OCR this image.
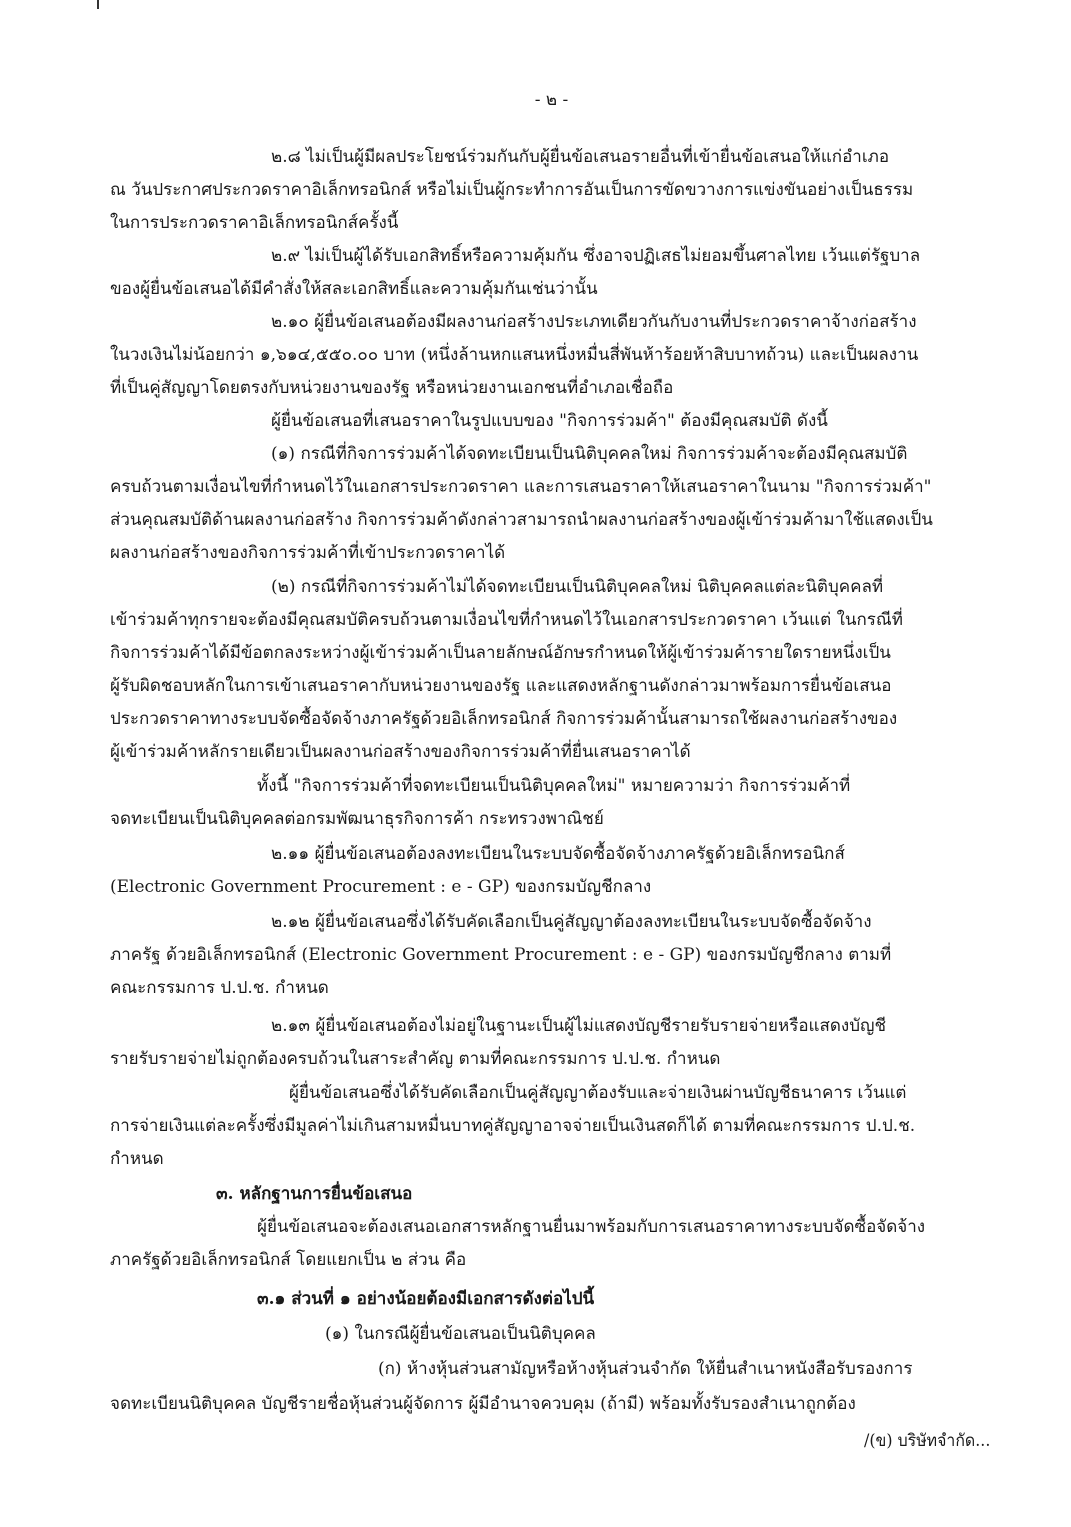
- ๒ -
๒.๘ ไม่เป็นผู้มีผลประโยชน์ร่วมกันกับผู้ยื่นข้อเสนอรายอื่นที่เข้ายื่นข้อเสนอให้แก่อำเภอ
ณ วันประกาศประกวดราคาอิเล็กทรอนิกส์ หรือไม่เป็นผู้กระทำการอันเป็นการขัดขวางการแข่งขันอย่างเป็นธรรม
ในการประกวดราคาอิเล็กทรอนิกส์ครั้งนี้
๒.๙ ไม่เป็นผู้ได้รับเอกสิทธิ์หรือความคุ้มกัน ซึ่งอาจปฏิเสธไม่ยอมขึ้นศาลไทย เว้นแต่รัฐบาล
ของผู้ยื่นข้อเสนอได้มีคำสั่งให้สละเอกสิทธิ์และความคุ้มกันเช่นว่านั้น
๒.๑๐ ผู้ยื่นข้อเสนอต้องมีผลงานก่อสร้างประเภทเดียวกันกับงานที่ประกวดราคาจ้างก่อสร้าง
ในวงเงินไม่น้อยกว่า ๑,๖๑๔,๕๕๐.๐๐ บาท (หนึ่งล้านหกแสนหนึ่งหมื่นสี่พันห้าร้อยห้าสิบบาทถ้วน) และเป็นผลงาน
ที่เป็นคู่สัญญาโดยตรงกับหน่วยงานของรัฐ หรือหน่วยงานเอกชนที่อำเภอเชื่อถือ
ผู้ยื่นข้อเสนอที่เสนอราคาในรูปแบบของ "กิจการร่วมค้า" ต้องมีคุณสมบัติ ดังนี้
(๑) กรณีที่กิจการร่วมค้าได้จดทะเบียนเป็นนิติบุคคลใหม่ กิจการร่วมค้าจะต้องมีคุณสมบัติ
ครบถ้วนตามเงื่อนไขที่กำหนดไว้ในเอกสารประกวดราคา และการเสนอราคาให้เสนอราคาในนาม "กิจการร่วมค้า"
ส่วนคุณสมบัติด้านผลงานก่อสร้าง กิจการร่วมค้าดังกล่าวสามารถนำผลงานก่อสร้างของผู้เข้าร่วมค้ามาใช้แสดงเป็น
ผลงานก่อสร้างของกิจการร่วมค้าที่เข้าประกวดราคาได้
(๒) กรณีที่กิจการร่วมค้าไม่ได้จดทะเบียนเป็นนิติบุคคลใหม่ นิติบุคคลแต่ละนิติบุคคลที่
เข้าร่วมค้าทุกรายจะต้องมีคุณสมบัติครบถ้วนตามเงื่อนไขที่กำหนดไว้ในเอกสารประกวดราคา เว้นแต่ ในกรณีที่
กิจการร่วมค้าได้มีข้อตกลงระหว่างผู้เข้าร่วมค้าเป็นลายลักษณ์อักษรกำหนดให้ผู้เข้าร่วมค้ารายใดรายหนึ่งเป็น
ผู้รับผิดชอบหลักในการเข้าเสนอราคากับหน่วยงานของรัฐ และแสดงหลักฐานดังกล่าวมาพร้อมการยื่นข้อเสนอ
ประกวดราคาทางระบบจัดซื้อจัดจ้างภาครัฐด้วยอิเล็กทรอนิกส์ กิจการร่วมค้านั้นสามารถใช้ผลงานก่อสร้างของ
ผู้เข้าร่วมค้าหลักรายเดียวเป็นผลงานก่อสร้างของกิจการร่วมค้าที่ยื่นเสนอราคาได้
ทั้งนี้ "กิจการร่วมค้าที่จดทะเบียนเป็นนิติบุคคลใหม่" หมายความว่า กิจการร่วมค้าที่
จดทะเบียนเป็นนิติบุคคลต่อกรมพัฒนาธุรกิจการค้า กระทรวงพาณิชย์
๒.๑๑ ผู้ยื่นข้อเสนอต้องลงทะเบียนในระบบจัดซื้อจัดจ้างภาครัฐด้วยอิเล็กทรอนิกส์
(Electronic Government Procurement : e - GP) ของกรมบัญชีกลาง
๒.๑๒ ผู้ยื่นข้อเสนอซึ่งได้รับคัดเลือกเป็นคู่สัญญาต้องลงทะเบียนในระบบจัดซื้อจัดจ้าง
ภาครัฐ ด้วยอิเล็กทรอนิกส์ (Electronic Government Procurement : e - GP) ของกรมบัญชีกลาง ตามที่
คณะกรรมการ ป.ป.ช. กำหนด
๒.๑๓ ผู้ยื่นข้อเสนอต้องไม่อยู่ในฐานะเป็นผู้ไม่แสดงบัญชีรายรับรายจ่ายหรือแสดงบัญชี
รายรับรายจ่ายไม่ถูกต้องครบถ้วนในสาระสำคัญ ตามที่คณะกรรมการ ป.ป.ช. กำหนด
ผู้ยื่นข้อเสนอซึ่งได้รับคัดเลือกเป็นคู่สัญญาต้องรับและจ่ายเงินผ่านบัญชีธนาคาร เว้นแต่
การจ่ายเงินแต่ละครั้งซึ่งมีมูลค่าไม่เกินสามหมื่นบาทคู่สัญญาอาจจ่ายเป็นเงินสดก็ได้ ตามที่คณะกรรมการ ป.ป.ช.
กำหนด
๓. หลักฐานการยื่นข้อเสนอ
ผู้ยื่นข้อเสนอจะต้องเสนอเอกสารหลักฐานยื่นมาพร้อมกับการเสนอราคาทางระบบจัดซื้อจัดจ้าง
ภาครัฐด้วยอิเล็กทรอนิกส์ โดยแยกเป็น ๒ ส่วน คือ
๓.๑ ส่วนที่ ๑ อย่างน้อยต้องมีเอกสารดังต่อไปนี้
(๑) ในกรณีผู้ยื่นข้อเสนอเป็นนิติบุคคล
(ก) ห้างหุ้นส่วนสามัญหรือห้างหุ้นส่วนจำกัด ให้ยื่นสำเนาหนังสือรับรองการ
จดทะเบียนนิติบุคคล บัญชีรายชื่อหุ้นส่วนผู้จัดการ ผู้มีอำนาจควบคุม (ถ้ามี) พร้อมทั้งรับรองสำเนาถูกต้อง
/(ข) บริษัทจำกัด...
